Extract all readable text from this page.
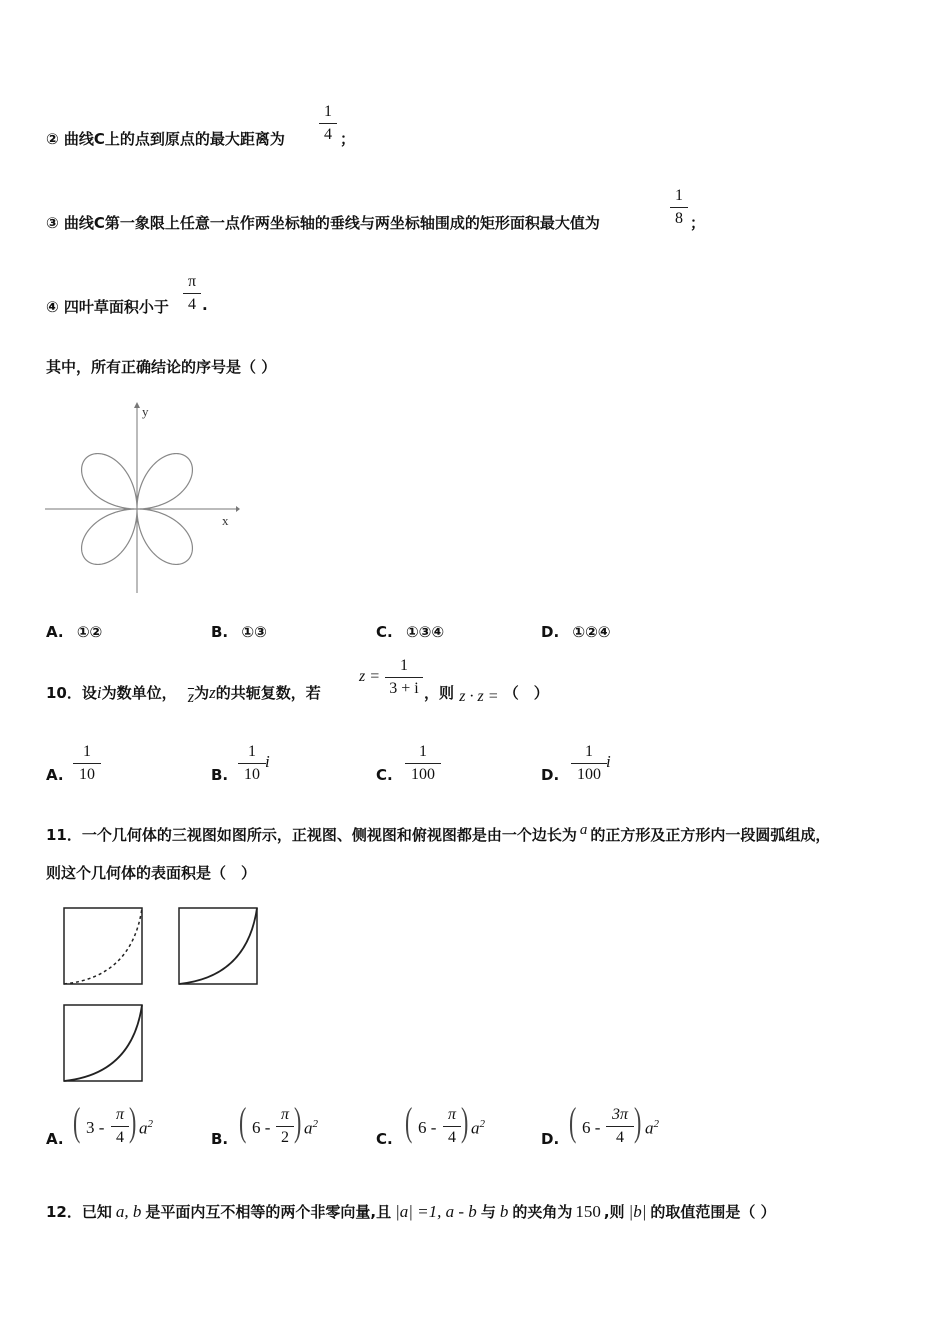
② 曲线C上的点到原点的最大距离为
1
4 ；
③ 曲线C第一象限上任意一点作两坐标轴的垂线与两坐标轴围成的矩形面积最大值为
1
8 ；
④ 四叶草面积小于
π
4 .
其中，所有正确结论的序号是（ ）
y
x
A. ①②	B. ①③	C. ①③④	D. ①②④
10．设i为数单位， $\overline{z}$为z的共轭复数，若
z =
1
3 + i ，则 z · z = （　）
A.
1
10	B.
1
10
i
C.
1
100	D.
1
100
i
11．一个几何体的三视图如图所示，正视图、侧视图和俯视图都是由一个边长为 a 的正方形及正方形内一段圆弧组成，
则这个几何体的表面积是（　）
A. ( 3 -
π
4 ) $a^2$
B. ( 6 -
π
2 ) $a^2$
C. ( 6 -
π
4 ) $a^2$
D. ( 6 -
3π
4 ) $a^2$
12．已知 a, b 是平面内互不相等的两个非零向量,且 |a| =1, a - b 与 b 的夹角为 150 ,则 |b| 的取值范围是（ ）
